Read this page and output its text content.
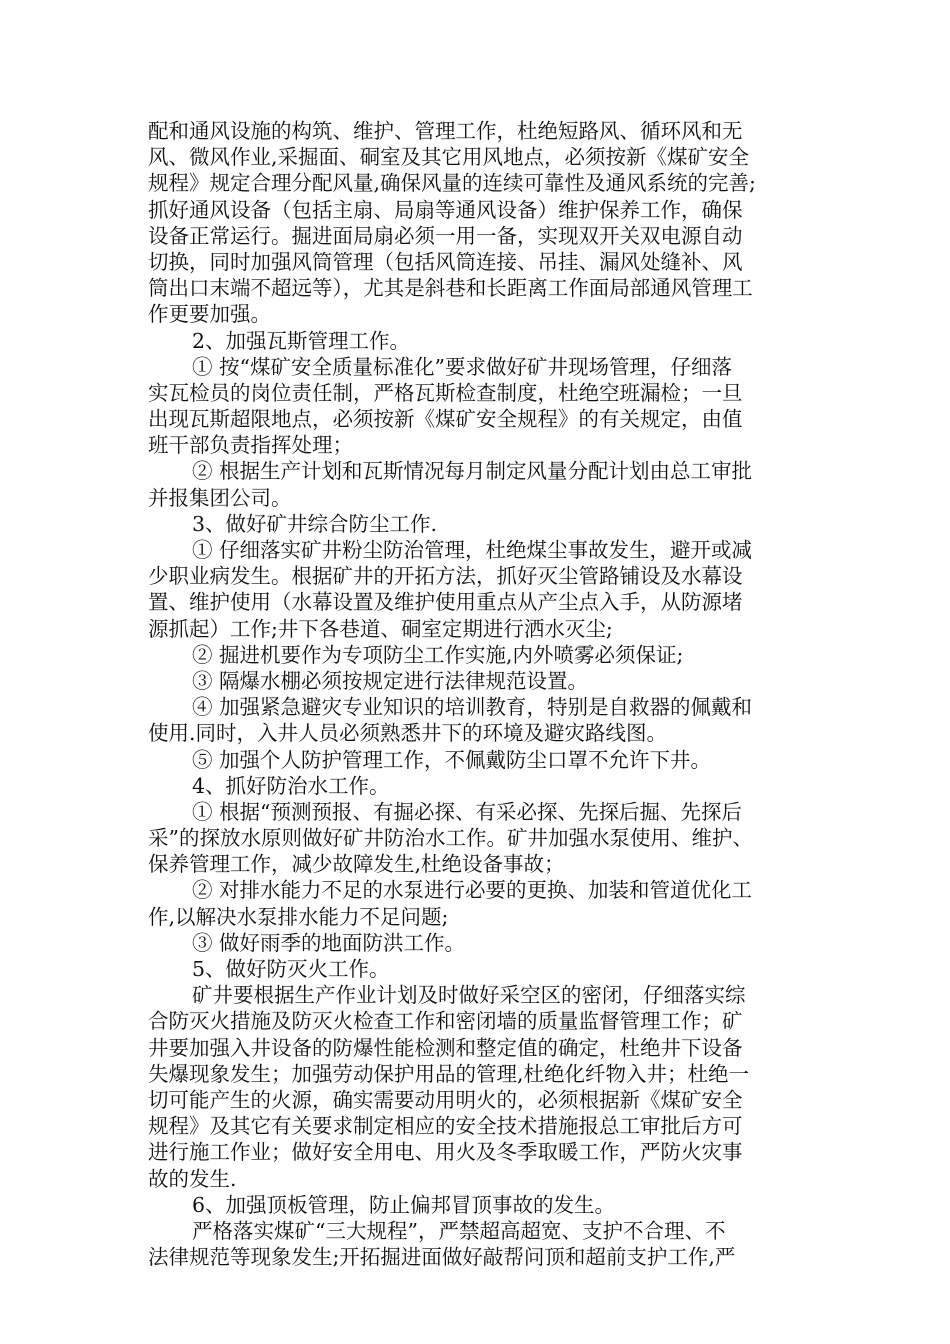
配和通风设施的构筑、维护、管理工作，杜绝短路风、循环风和无
风、微风作业,采掘面、硐室及其它用风地点，必须按新《煤矿安全
规程》规定合理分配风量,确保风量的连续可靠性及通风系统的完善;
抓好通风设备（包括主扇、局扇等通风设备）维护保养工作，确保
设备正常运行。掘进面局扇必须一用一备，实现双开关双电源自动
切换，同时加强风筒管理（包括风筒连接、吊挂、漏风处缝补、风
筒出口末端不超远等），尤其是斜巷和长距离工作面局部通风管理工
作更要加强。
2、加强瓦斯管理工作。
① 按“煤矿安全质量标准化”要求做好矿井现场管理，仔细落
实瓦检员的岗位责任制，严格瓦斯检查制度，杜绝空班漏检；一旦
出现瓦斯超限地点，必须按新《煤矿安全规程》的有关规定，由值
班干部负责指挥处理；
② 根据生产计划和瓦斯情况每月制定风量分配计划由总工审批
并报集团公司。
3、做好矿井综合防尘工作.
① 仔细落实矿井粉尘防治管理，杜绝煤尘事故发生，避开或减
少职业病发生。根据矿井的开拓方法，抓好灭尘管路铺设及水幕设
置、维护使用（水幕设置及维护使用重点从产尘点入手，从防源堵
源抓起）工作;井下各巷道、硐室定期进行洒水灭尘;
② 掘进机要作为专项防尘工作实施,内外喷雾必须保证;
③ 隔爆水棚必须按规定进行法律规范设置。
④ 加强紧急避灾专业知识的培训教育，特别是自救器的佩戴和
使用.同时，入井人员必须熟悉井下的环境及避灾路线图。
⑤ 加强个人防护管理工作，不佩戴防尘口罩不允许下井。
4、抓好防治水工作。
① 根据“预测预报、有掘必探、有采必探、先探后掘、先探后
采”的探放水原则做好矿井防治水工作。矿井加强水泵使用、维护、
保养管理工作，减少故障发生,杜绝设备事故；
② 对排水能力不足的水泵进行必要的更换、加装和管道优化工
作,以解决水泵排水能力不足问题;
③ 做好雨季的地面防洪工作。
5、做好防灭火工作。
矿井要根据生产作业计划及时做好采空区的密闭，仔细落实综
合防灭火措施及防灭火检查工作和密闭墙的质量监督管理工作；矿
井要加强入井设备的防爆性能检测和整定值的确定，杜绝井下设备
失爆现象发生；加强劳动保护用品的管理,杜绝化纤物入井；杜绝一
切可能产生的火源，确实需要动用明火的，必须根据新《煤矿安全
规程》及其它有关要求制定相应的安全技术措施报总工审批后方可
进行施工作业；做好安全用电、用火及冬季取暖工作，严防火灾事
故的发生.
6、加强顶板管理，防止偏邦冒顶事故的发生。
严格落实煤矿“三大规程”，严禁超高超宽、支护不合理、不
法律规范等现象发生;开拓掘进面做好敲帮问顶和超前支护工作,严
